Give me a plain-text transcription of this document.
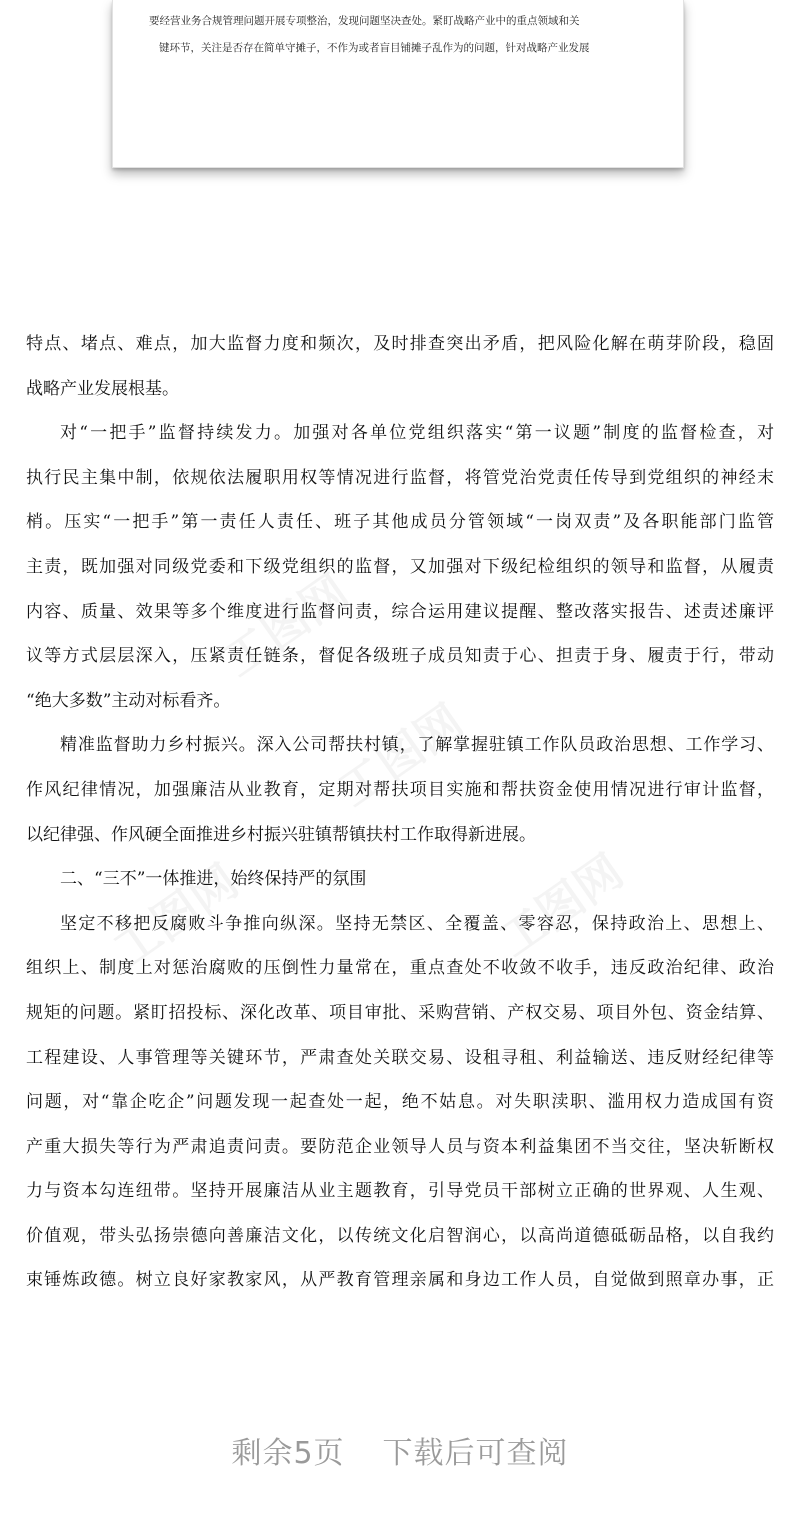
要经营业务合规管理问题开展专项整治，发现问题坚决查处。紧盯战略产业中的重点领域和关
键环节，关注是否存在简单守摊子，不作为或者盲目铺摊子乱作为的问题，针对战略产业发展
特点、堵点、难点，加大监督力度和频次，及时排查突出矛盾，把风险化解在萌芽阶段，稳固
战略产业发展根基。
对“一把手”监督持续发力。加强对各单位党组织落实“第一议题”制度的监督检查，对
执行民主集中制，依规依法履职用权等情况进行监督，将管党治党责任传导到党组织的神经末
梢。压实“一把手”第一责任人责任、班子其他成员分管领域“一岗双责”及各职能部门监管
主责，既加强对同级党委和下级党组织的监督，又加强对下级纪检组织的领导和监督，从履责
内容、质量、效果等多个维度进行监督问责，综合运用建议提醒、整改落实报告、述责述廉评
议等方式层层深入，压紧责任链条，督促各级班子成员知责于心、担责于身、履责于行，带动
“绝大多数”主动对标看齐。
精准监督助力乡村振兴。深入公司帮扶村镇，了解掌握驻镇工作队员政治思想、工作学习、
作风纪律情况，加强廉洁从业教育，定期对帮扶项目实施和帮扶资金使用情况进行审计监督，
以纪律强、作风硬全面推进乡村振兴驻镇帮镇扶村工作取得新进展。
二、“三不”一体推进，始终保持严的氛围
坚定不移把反腐败斗争推向纵深。坚持无禁区、全覆盖、零容忍，保持政治上、思想上、
组织上、制度上对惩治腐败的压倒性力量常在，重点查处不收敛不收手，违反政治纪律、政治
规矩的问题。紧盯招投标、深化改革、项目审批、采购营销、产权交易、项目外包、资金结算、
工程建设、人事管理等关键环节，严肃查处关联交易、设租寻租、利益输送、违反财经纪律等
问题，对“靠企吃企”问题发现一起查处一起，绝不姑息。对失职渎职、滥用权力造成国有资
产重大损失等行为严肃追责问责。要防范企业领导人员与资本利益集团不当交往，坚决斩断权
力与资本勾连纽带。坚持开展廉洁从业主题教育，引导党员干部树立正确的世界观、人生观、
价值观，带头弘扬崇德向善廉洁文化，以传统文化启智润心，以高尚道德砥砺品格，以自我约
束锤炼政德。树立良好家教家风，从严教育管理亲属和身边工作人员，自觉做到照章办事，正
剩余5页 下载后可查阅
